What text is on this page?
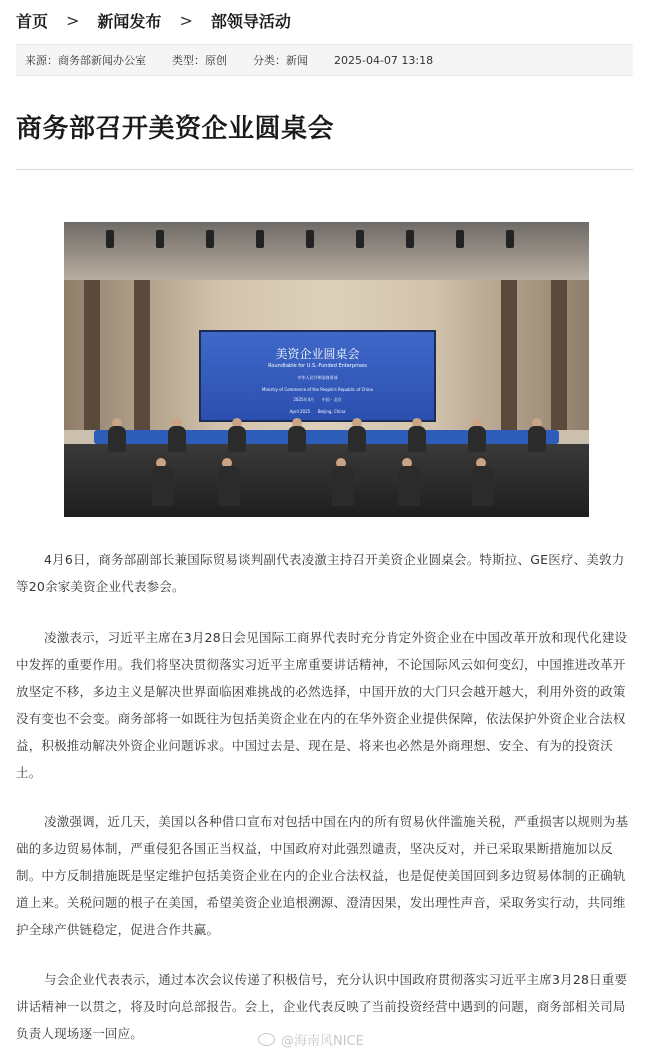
首页 > 新闻发布 > 部领导活动
来源：商务部新闻办公室 类型：原创 分类：新闻 2025-04-07 13:18
商务部召开美资企业圆桌会
美资企业圆桌会
Roundtable for U.S.-Funded Enterprises
中华人民共和国商务部
Ministry of Commerce of the People's Republic of China
2025年4月 中国 · 北京
April 2025 Beijing, China

4月6日，商务部副部长兼国际贸易谈判副代表凌激主持召开美资企业圆桌会。特斯拉、GE医疗、美敦力等20余家美资企业代表参会。

凌激表示，习近平主席在3月28日会见国际工商界代表时充分肯定外资企业在中国改革开放和现代化建设中发挥的重要作用。我们将坚决贯彻落实习近平主席重要讲话精神，不论国际风云如何变幻，中国推进改革开放坚定不移，多边主义是解决世界面临困难挑战的必然选择，中国开放的大门只会越开越大，利用外资的政策没有变也不会变。商务部将一如既往为包括美资企业在内的在华外资企业提供保障，依法保护外资企业合法权益，积极推动解决外资企业问题诉求。中国过去是、现在是、将来也必然是外商理想、安全、有为的投资沃土。

凌激强调，近几天，美国以各种借口宣布对包括中国在内的所有贸易伙伴滥施关税，严重损害以规则为基础的多边贸易体制，严重侵犯各国正当权益，中国政府对此强烈谴责，坚决反对，并已采取果断措施加以反制。中方反制措施既是坚定维护包括美资企业在内的企业合法权益，也是促使美国回到多边贸易体制的正确轨道上来。关税问题的根子在美国，希望美资企业追根溯源、澄清因果，发出理性声音，采取务实行动，共同维护全球产供链稳定，促进合作共赢。

与会企业代表表示，通过本次会议传递了积极信号，充分认识中国政府贯彻落实习近平主席3月28日重要讲话精神一以贯之，将及时向总部报告。会上，企业代表反映了当前投资经营中遇到的问题，商务部相关司局负责人现场逐一回应。

@海南风NICE
